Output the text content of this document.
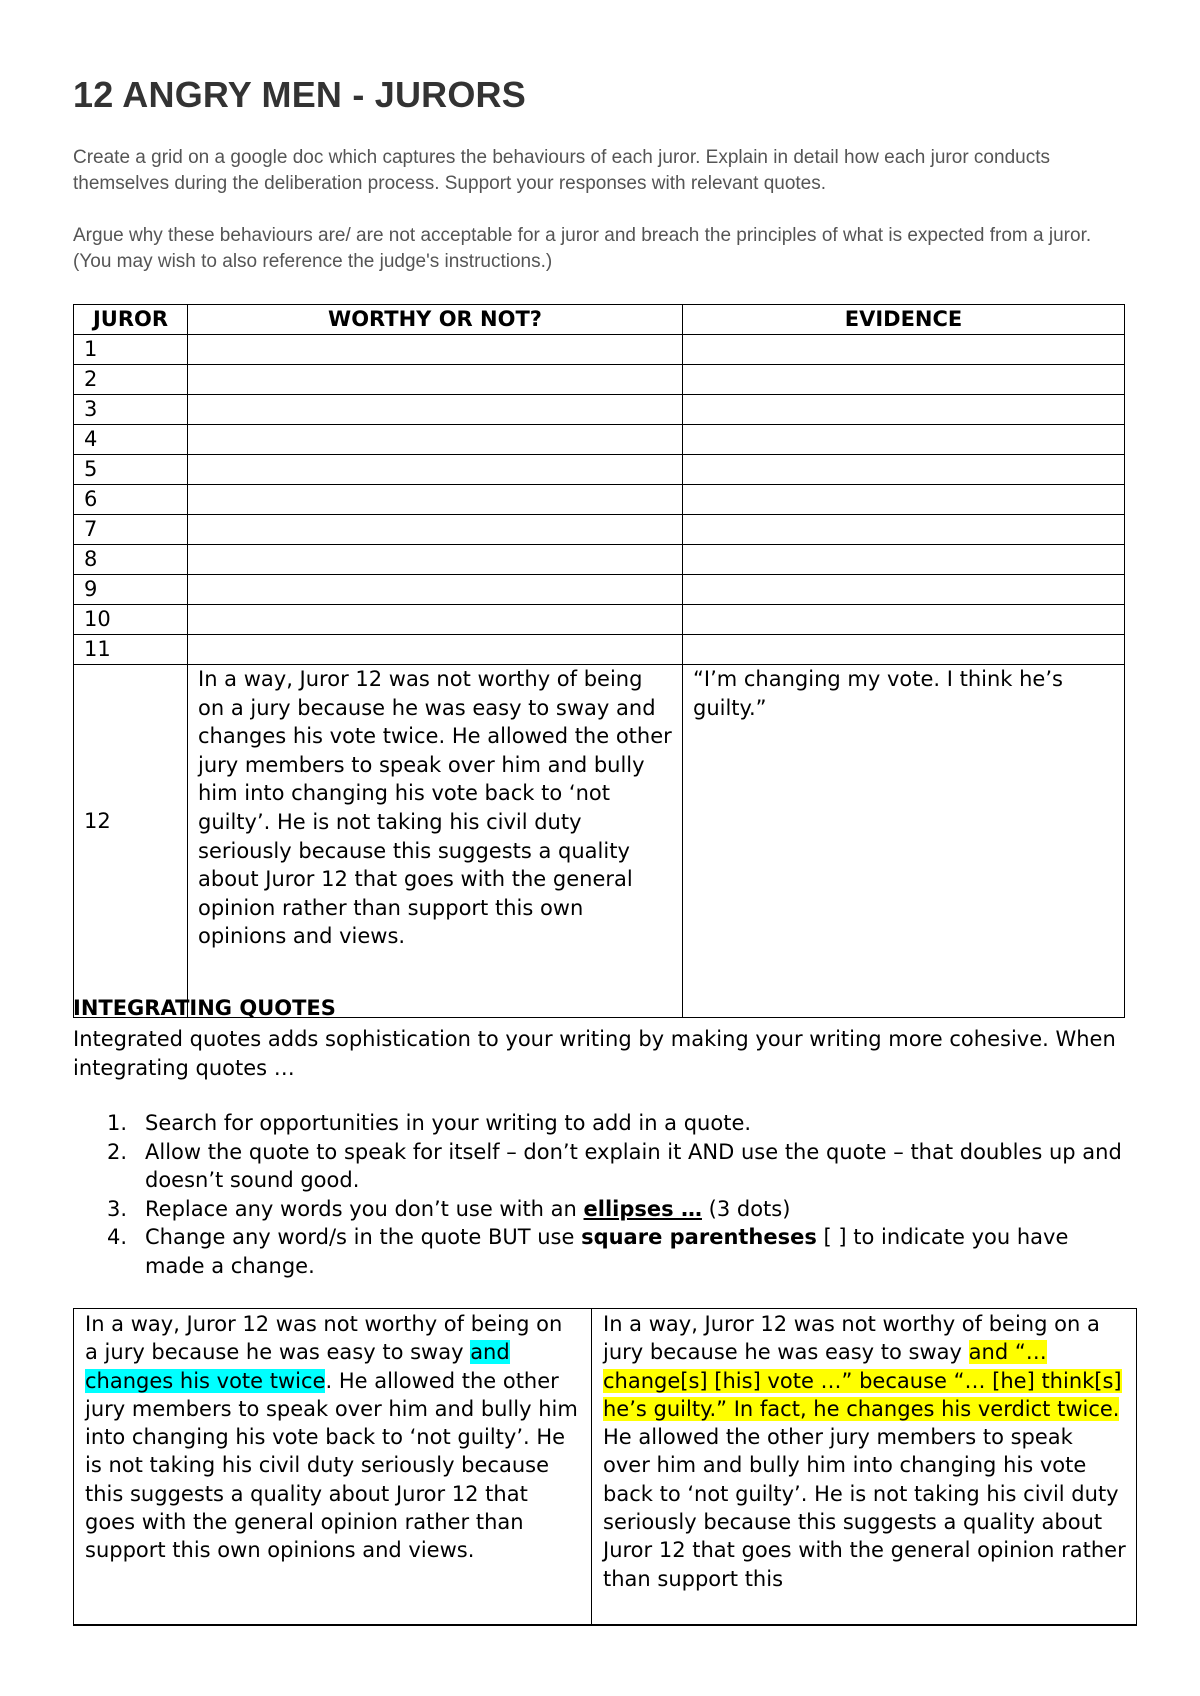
12 ANGRY MEN - JURORS

Create a grid on a google doc which captures the behaviours of each juror. Explain in detail how each juror conducts themselves during the deliberation process. Support your responses with relevant quotes.

Argue why these behaviours are/ are not acceptable for a juror and breach the principles of what is expected from a juror. (You may wish to also reference the judge's instructions.)

JUROR	WORTHY OR NOT?	EVIDENCE
1		
2		
3		
4		
5		
6		
7		
8		
9		
10		
11		
12	In a way, Juror 12 was not worthy of being on a jury because he was easy to sway and changes his vote twice. He allowed the other jury members to speak over him and bully him into changing his vote back to ‘not guilty’. He is not taking his civil duty seriously because this suggests a quality about Juror 12 that goes with the general opinion rather than support this own opinions and views.	“I’m changing my vote. I think he’s guilty.”
INTEGRATING QUOTES

Integrated quotes adds sophistication to your writing by making your writing more cohesive. When integrating quotes …

1. Search for opportunities in your writing to add in a quote.
2. Allow the quote to speak for itself – don’t explain it AND use the quote – that doubles up and doesn’t sound good.
3. Replace any words you don’t use with an ellipses … (3 dots)
4. Change any word/s in the quote BUT use square parentheses [ ] to indicate you have made a change.
In a way, Juror 12 was not worthy of being on a jury because he was easy to sway and changes his vote twice. He allowed the other jury members to speak over him and bully him into changing his vote back to ‘not guilty’. He is not taking his civil duty seriously because this suggests a quality about Juror 12 that goes with the general opinion rather than support this own opinions and views.	In a way, Juror 12 was not worthy of being on a jury because he was easy to sway and “… change[s] [his] vote …” because “… [he] think[s] he’s guilty.” In fact, he changes his verdict twice. He allowed the other jury members to speak over him and bully him into changing his vote back to ‘not guilty’. He is not taking his civil duty seriously because this suggests a quality about Juror 12 that goes with the general opinion rather than support this
